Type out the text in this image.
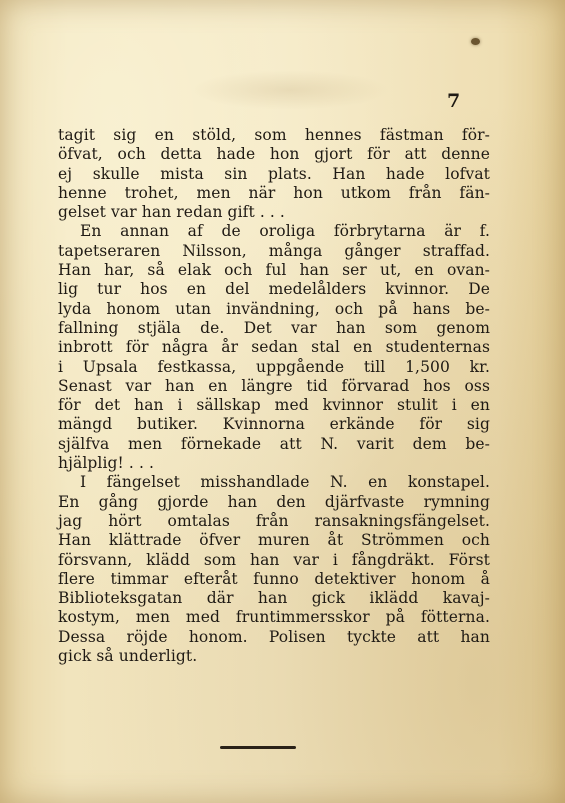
7
tagit sig en stöld, som hennes fästman för-
öfvat, och detta hade hon gjort för att denne
ej skulle mista sin plats. Han hade lofvat
henne trohet, men när hon utkom från fän-
gelset var han redan gift . . .
En annan af de oroliga förbrytarna är f.
tapetseraren Nilsson, många gånger straffad.
Han har, så elak och ful han ser ut, en ovan-
lig tur hos en del medelålders kvinnor. De
lyda honom utan invändning, och på hans be-
fallning stjäla de. Det var han som genom
inbrott för några år sedan stal en studenternas
i Upsala festkassa, uppgående till 1,500 kr.
Senast var han en längre tid förvarad hos oss
för det han i sällskap med kvinnor stulit i en
mängd butiker. Kvinnorna erkände för sig
själfva men förnekade att N. varit dem be-
hjälplig! . . .
I fängelset misshandlade N. en konstapel.
En gång gjorde han den djärfvaste rymning
jag hört omtalas från ransakningsfängelset.
Han klättrade öfver muren åt Strömmen och
försvann, klädd som han var i fångdräkt. Först
flere timmar efteråt funno detektiver honom å
Biblioteksgatan där han gick iklädd kavaj-
kostym, men med fruntimmersskor på fötterna.
Dessa röjde honom. Polisen tyckte att han
gick så underligt.
